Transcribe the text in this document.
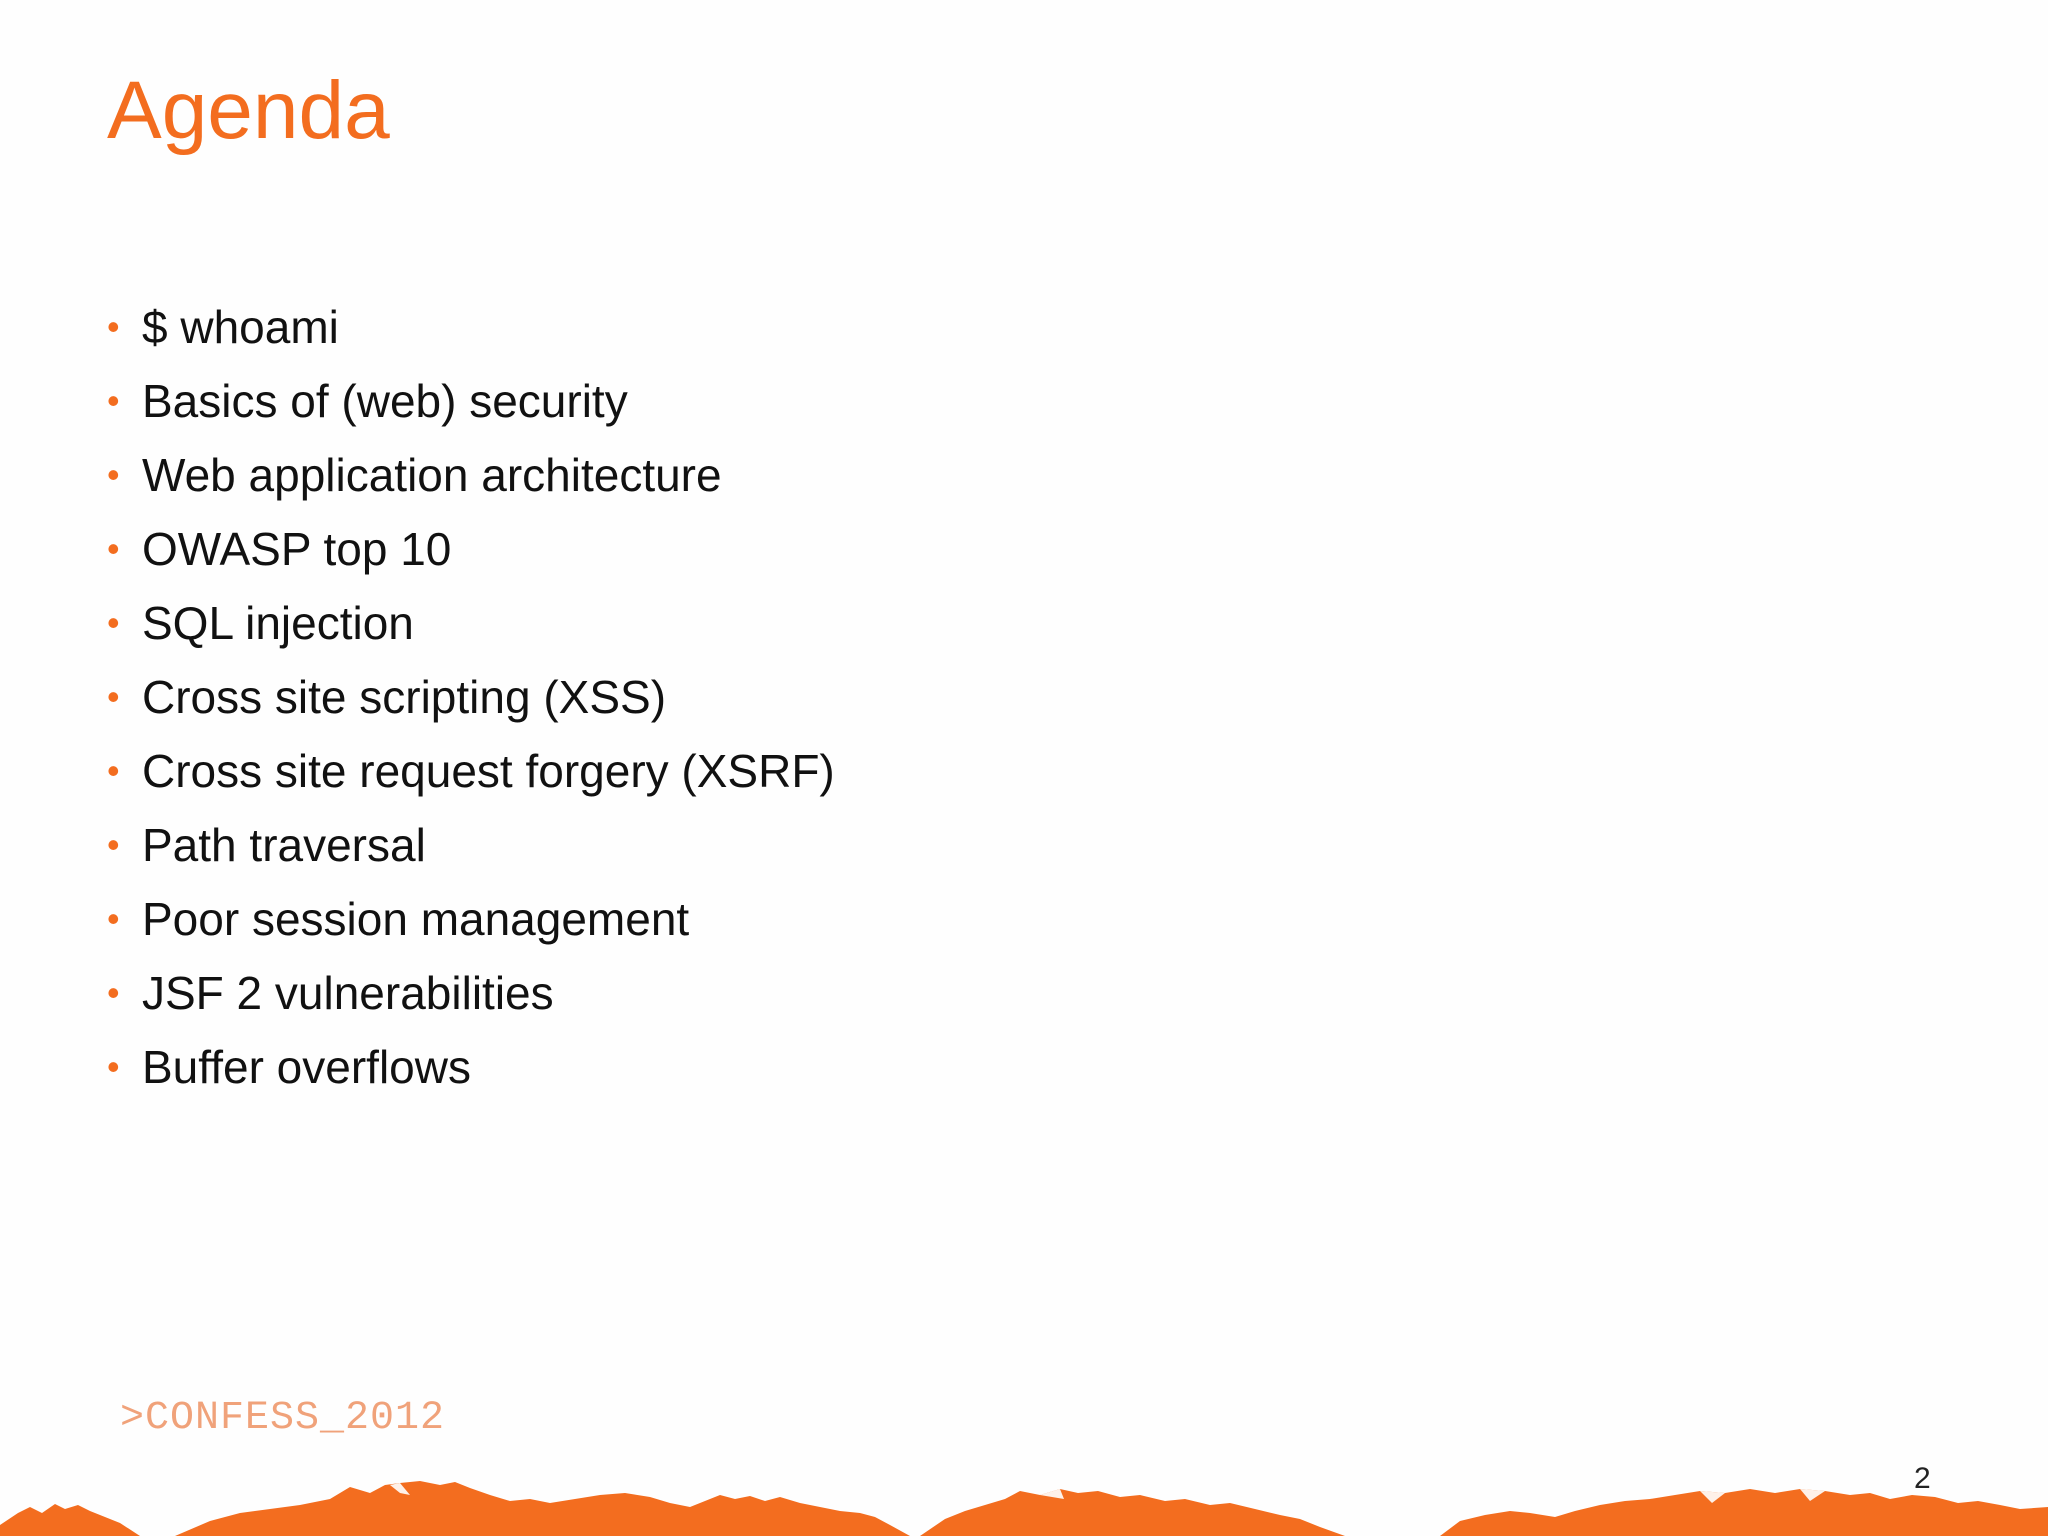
Agenda
• $ whoami
• Basics of (web) security
• Web application architecture
• OWASP top 10
• SQL injection
• Cross site scripting (XSS)
• Cross site request forgery (XSRF)
• Path traversal
• Poor session management
• JSF 2 vulnerabilities
• Buffer overflows
>CONFESS_2012
2
